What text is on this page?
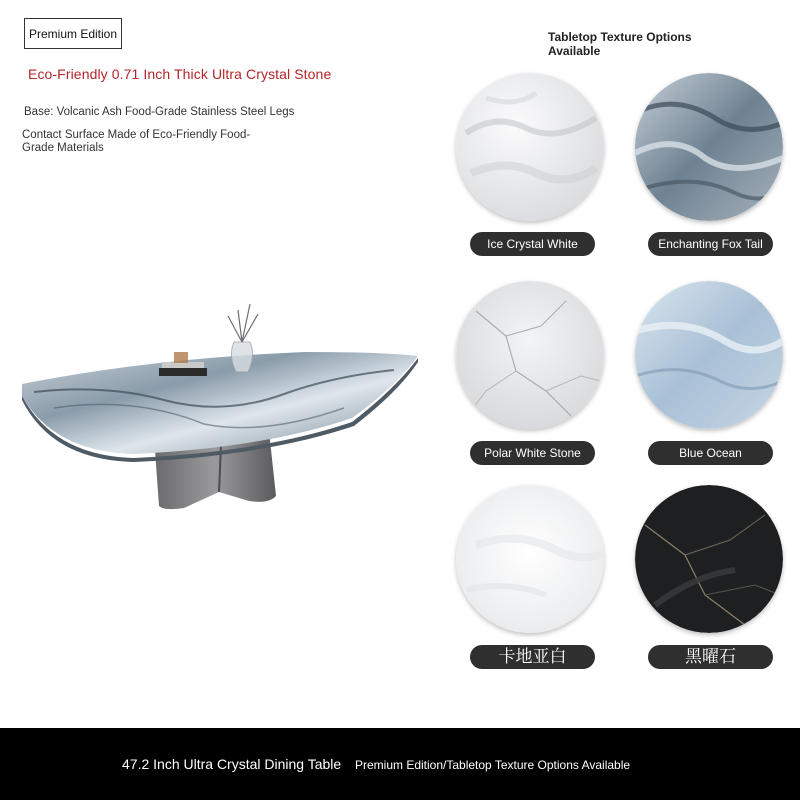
Premium Edition
Eco-Friendly 0.71 Inch Thick Ultra Crystal Stone
Base: Volcanic Ash Food-Grade Stainless Steel Legs
Contact Surface Made of Eco-Friendly Food-Grade Materials
Tabletop Texture Options Available
Ice Crystal White	Enchanting Fox Tail
Polar White Stone	Blue Ocean
卡地亚白	黑曜石
47.2 Inch Ultra Crystal Dining Table Premium Edition/Tabletop Texture Options Available
